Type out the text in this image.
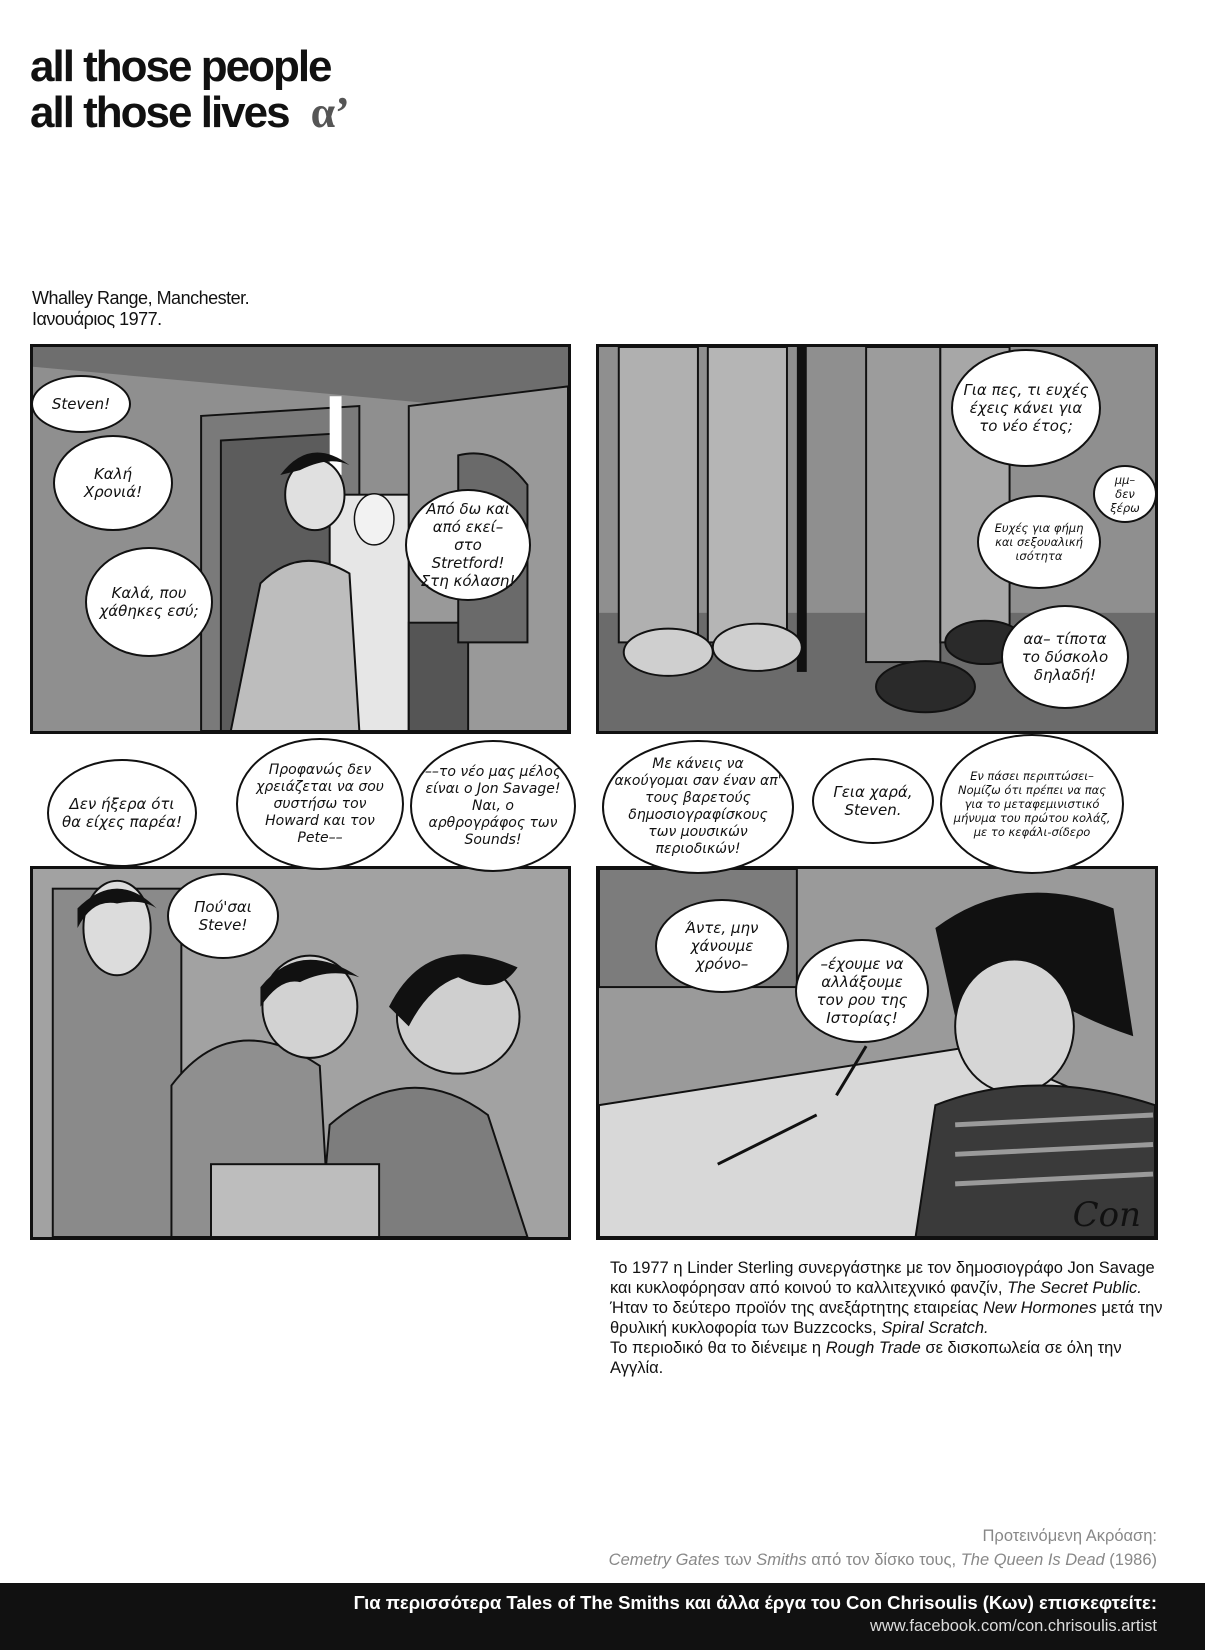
all those people
all those lives α’
Whalley Range, Manchester.
Ιανουάριος 1977.
Steven!
Καλή Χρονιά!
Καλά, που χάθηκες εσύ;
Από δω και από εκεί– στο Stretford! Στη κόλαση!
Για πες, τι ευχές έχεις κάνει για το νέο έτος;
μμ– δεν ξέρω
Ευχές για φήμη και σεξουαλική ισότητα
αα– τίποτα το δύσκολο δηλαδή!
Δεν ήξερα ότι θα είχες παρέα!
Πού'σαι Steve!
Προφανώς δεν χρειάζεται να σου συστήσω τον Howard και τον Pete––
––το νέο μας μέλος είναι ο Jon Savage! Ναι, ο αρθρογράφος των Sounds!
Άντε, μην χάνουμε χρόνο–	–έχουμε να αλλάξουμε τον ρου της Ιστορίας!
Con
Με κάνεις να ακούγομαι σαν έναν απ' τους βαρετούς δημοσιογραφίσκους των μουσικών περιοδικών!
Γεια χαρά, Steven.
Εν πάσει περιπτώσει– Νομίζω ότι πρέπει να πας για το μεταφεμινιστικό μήνυμα του πρώτου κολάζ, με το κεφάλι-σίδερο
Το 1977 η Linder Sterling συνεργάστηκε με τον δημοσιογράφο Jon Savage και κυκλοφόρησαν από κοινού το καλλιτεχνικό φανζίν, The Secret Public.
Ήταν το δεύτερο προϊόν της ανεξάρτητης εταιρείας New Hormones μετά την θρυλική κυκλοφορία των Buzzcocks, Spiral Scratch.
Το περιοδικό θα το διένειμε η Rough Trade σε δισκοπωλεία σε όλη την Αγγλία.
Προτεινόμενη Ακρόαση:
Cemetry Gates των Smiths από τον δίσκο τους, The Queen Is Dead (1986)
Για περισσότερα Tales of The Smiths και άλλα έργα του Con Chrisoulis (Κων) επισκεφτείτε:
www.facebook.com/con.chrisoulis.artist
